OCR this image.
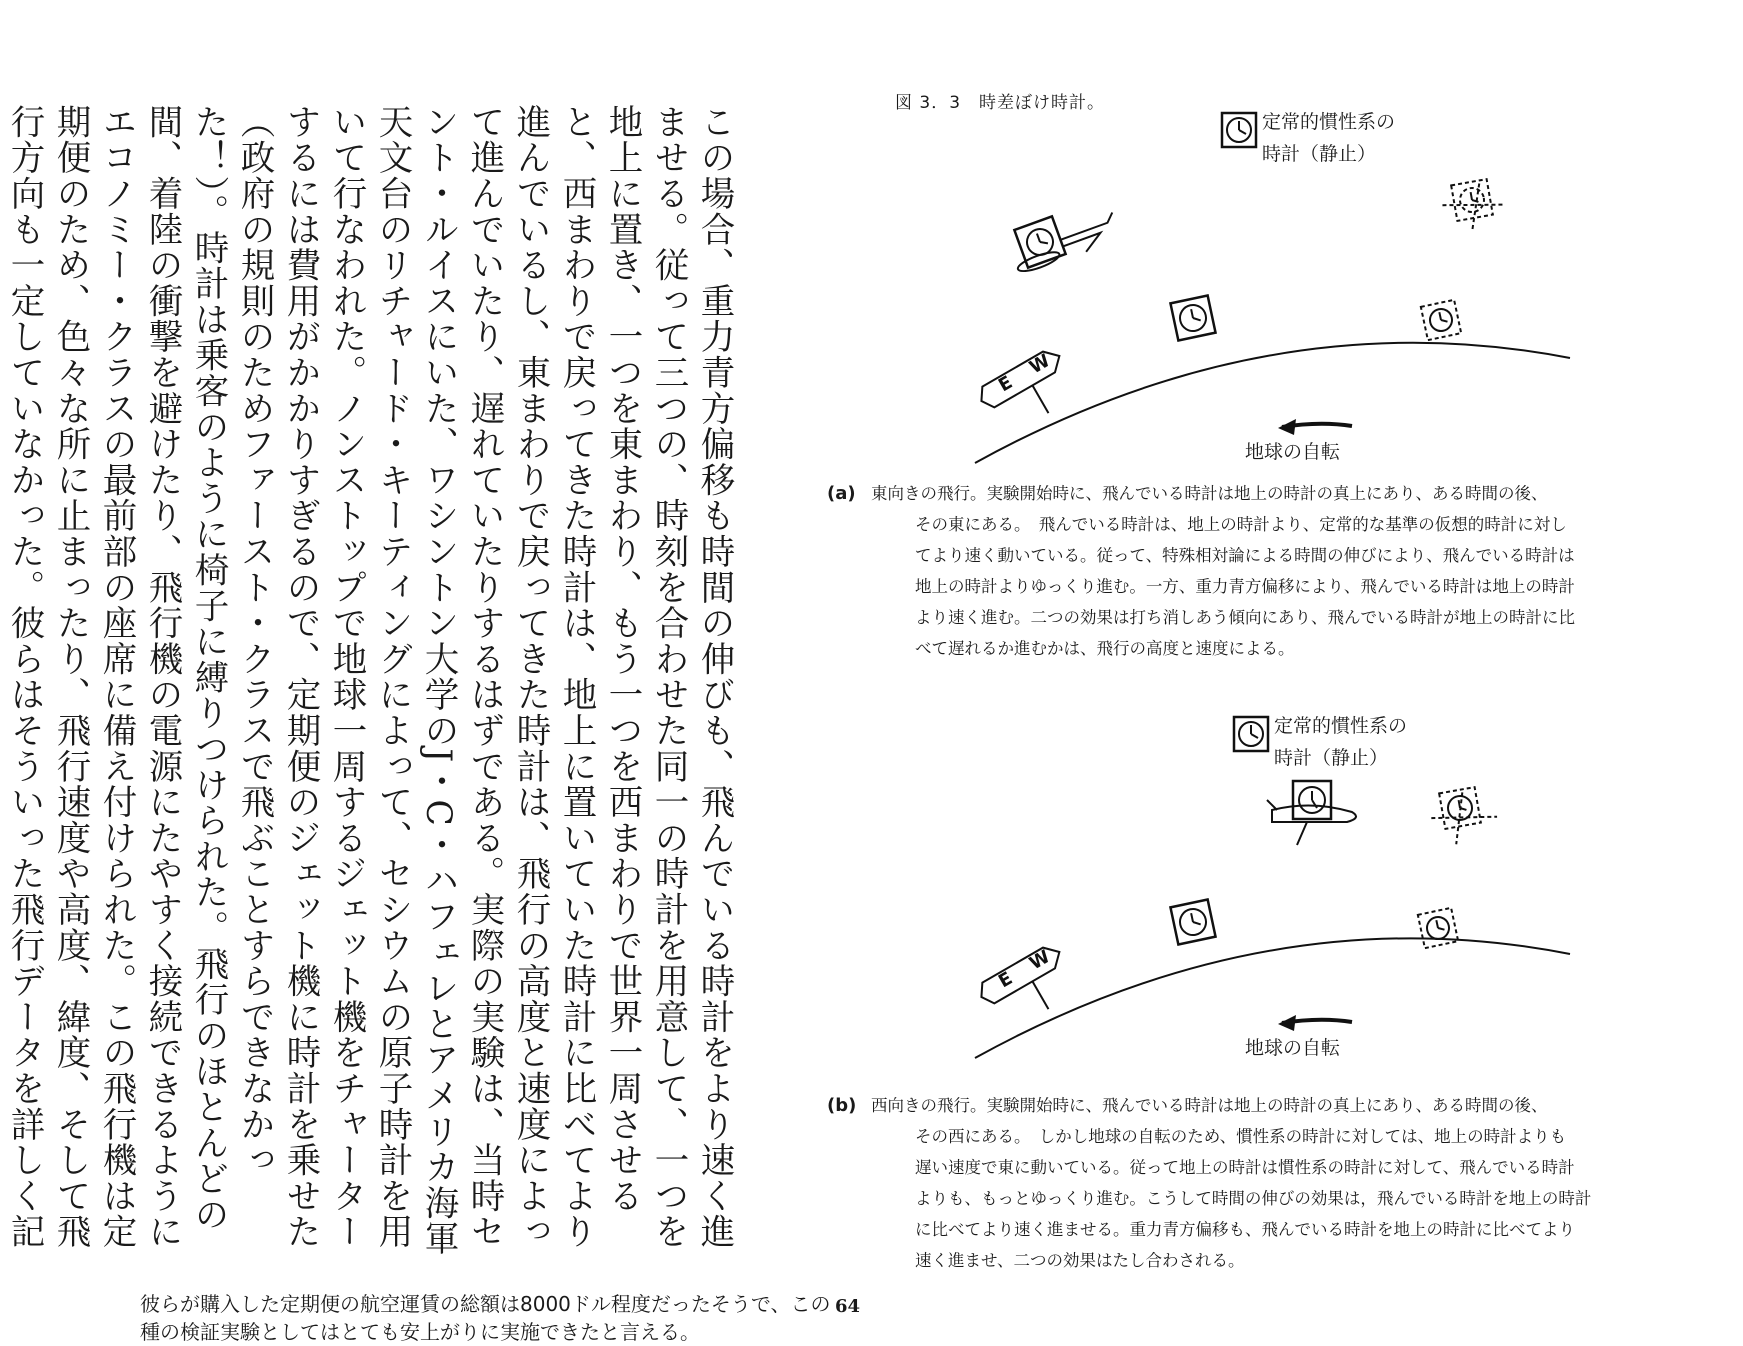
この場合、重力青方偏移も時間の伸びも、飛んでいる時計をより速く進ませる。従って三つの、時刻を合わせた同一の時計を用意して、一つを地上に置き、一つを東まわり、もう一つを西まわりで世界一周させると、西まわりで戻ってきた時計は、地上に置いていた時計に比べてより進んでいるし、東まわりで戻ってきた時計は、飛行の高度と速度によって進んでいたり、遅れていたりするはずである。実際の実験は、当時セント・ルイスにいた、ワシントン大学のJ・C・ハフェレとアメリカ海軍天文台のリチャード・キーティングによって、セシウムの原子時計を用いて行なわれた。ノンストップで地球一周するジェット機をチャーターするには費用がかかりすぎるので、定期便のジェット機に時計を乗せた（政府の規則のためファースト・クラスで飛ぶことすらできなかった！）。時計は乗客のように椅子に縛りつけられた。飛行のほとんどの間、着陸の衝撃を避けたり、飛行機の電源にたやすく接続できるようにエコノミー・クラスの最前部の座席に備え付けられた。この飛行機は定期便のため、色々な所に止まったり、飛行速度や高度、緯度、そして飛行方向も一定していなかった。彼らはそういった飛行データを詳しく記
彼らが購入した定期便の航空運賃の総額は8000ドル程度だったそうで、この種の検証実験としてはとても安上がりに実施できたと言える。
64
図 3．3　時差ぼけ時計。
E
W
E
W
定常的慣性系の
時計（静止）
地球の自転

(a) 東向きの飛行。実験開始時に、飛んでいる時計は地上の時計の真上にあり、ある時間の後、

その東にある。　飛んでいる時計は、地上の時計より、定常的な基準の仮想的時計に対し

てより速く動いている。従って、特殊相対論による時間の伸びにより、飛んでいる時計は

地上の時計よりゆっくり進む。一方、重力青方偏移により、飛んでいる時計は地上の時計

より速く進む。二つの効果は打ち消しあう傾向にあり、飛んでいる時計が地上の時計に比

べて遅れるか進むかは、飛行の高度と速度による。

定常的慣性系の
時計（静止）
地球の自転

(b) 西向きの飛行。実験開始時に、飛んでいる時計は地上の時計の真上にあり、ある時間の後、

その西にある。　しかし地球の自転のため、慣性系の時計に対しては、地上の時計よりも

遅い速度で東に動いている。従って地上の時計は慣性系の時計に対して、飛んでいる時計

よりも、もっとゆっくり進む。こうして時間の伸びの効果は，飛んでいる時計を地上の時計

に比べてより速く進ませる。重力青方偏移も、飛んでいる時計を地上の時計に比べてより

速く進ませ、二つの効果はたし合わされる。
